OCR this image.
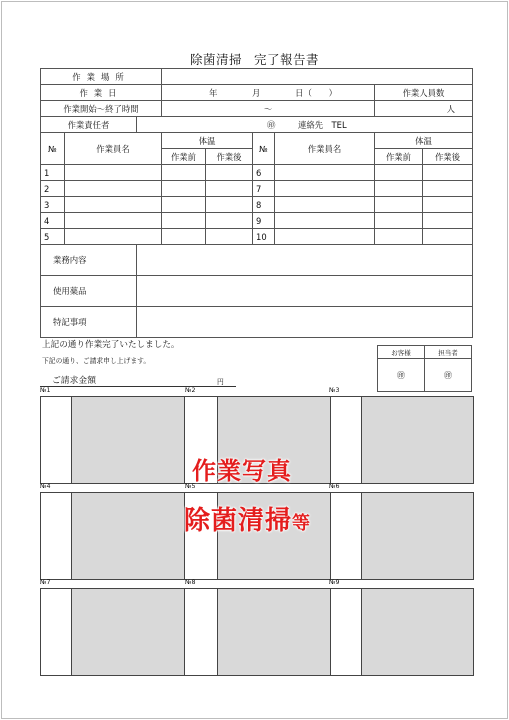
除菌清掃 完了報告書
作業場所								
作業日			年 月 日（　　）				作業人員数	
作業開始～終了時間			～				人	
作業責任者		㊞ 連絡先　TEL						
№	作業員名		体温		№	作業員名	体温	
			作業前	作業後			作業前	作業後
1					6			
2					7			
3					8			
4					9			
5					10			
業務内容								
使用薬品								
特記事項								
上記の通り作業完了いたしました。
下記の通り、ご請求申し上げます。
お客様	担当者
㊞	㊞
ご請求金額	円
№1	№2	№3
№4	№5	№6
№7	№8	№9
作業写真
除菌清掃等
